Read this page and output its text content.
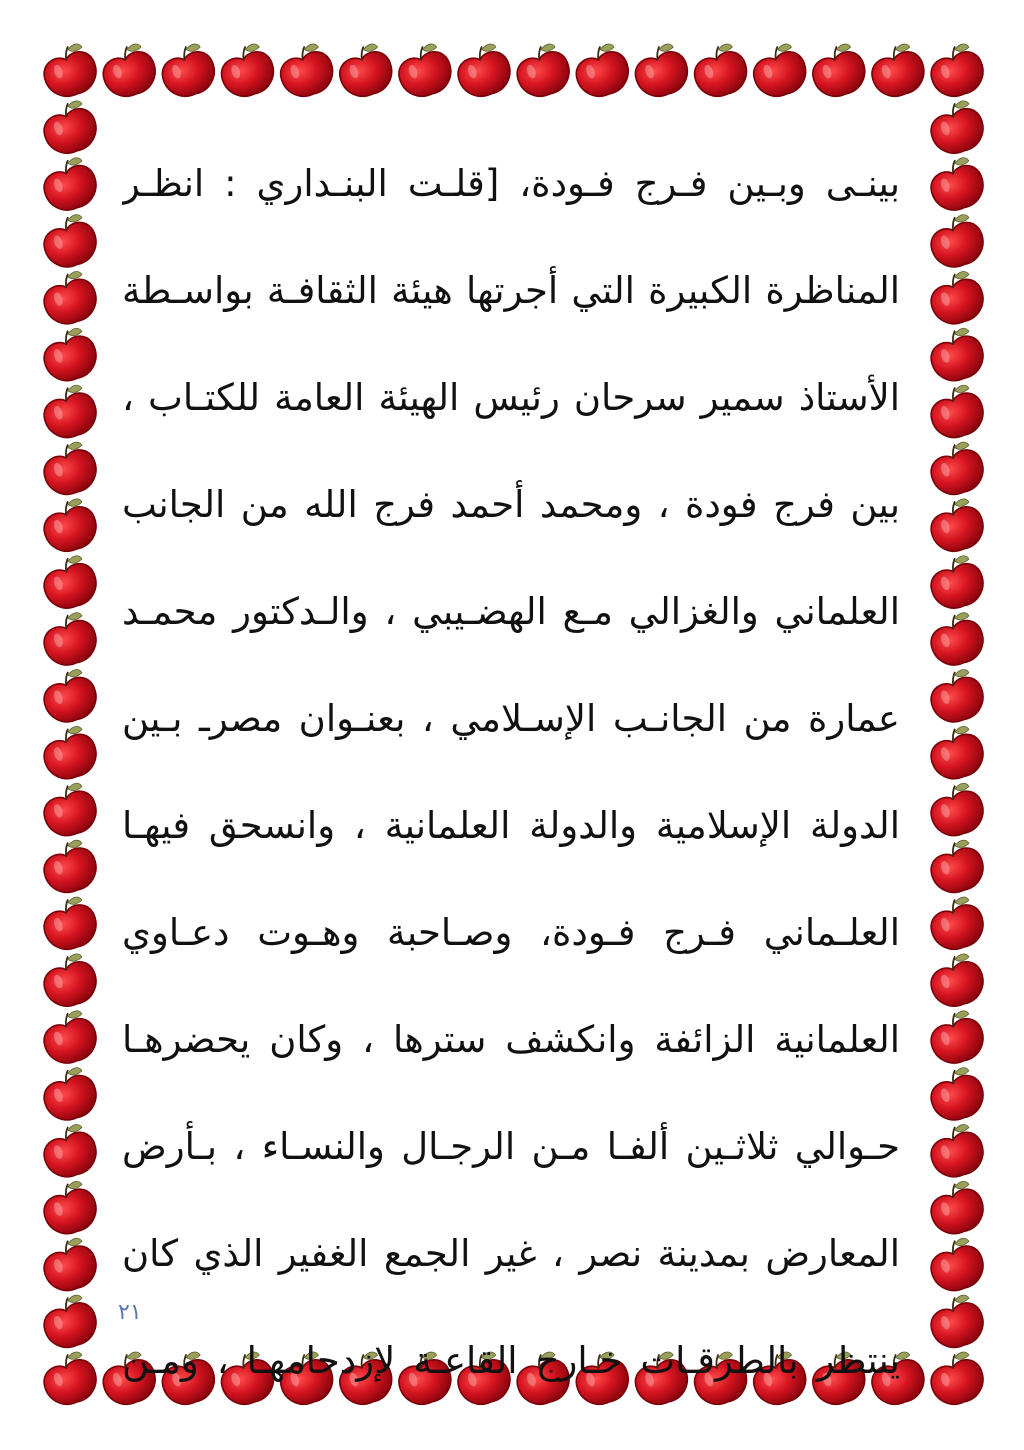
بينـى وبـين فـرج فـودة، [قلـت البنـداري : انظـر
المناظرة الكبيرة التي أجرتها هيئة الثقافـة بواسـطة
الأستاذ سمير سرحان رئيس الهيئة العامة للكتـاب ،
بين فرج فودة ، ومحمد أحمد فرج الله من الجانب
العلماني والغزالي مـع الهضـيبي ، والـدكتور محمـد
عمارة من الجانـب الإسـلامي ، بعنـوان مصرـ بـين
الدولة الإسلامية والدولة العلمانية ، وانسحق فيهـا
العلـماني فـرج فـودة، وصـاحبة وهـوت دعـاوي
العلمانية الزائفة وانكشف سترها ، وكان يحضرهـا
حـوالي ثلاثـين ألفـا مـن الرجـال والنسـاء ، بـأرض
المعارض بمدينة نصر ، غير الجمع الغفير الذي كان
ينتظر بالطرقـات خـارج القاعـة لإزدحامهـا ، ومـن
٢١
